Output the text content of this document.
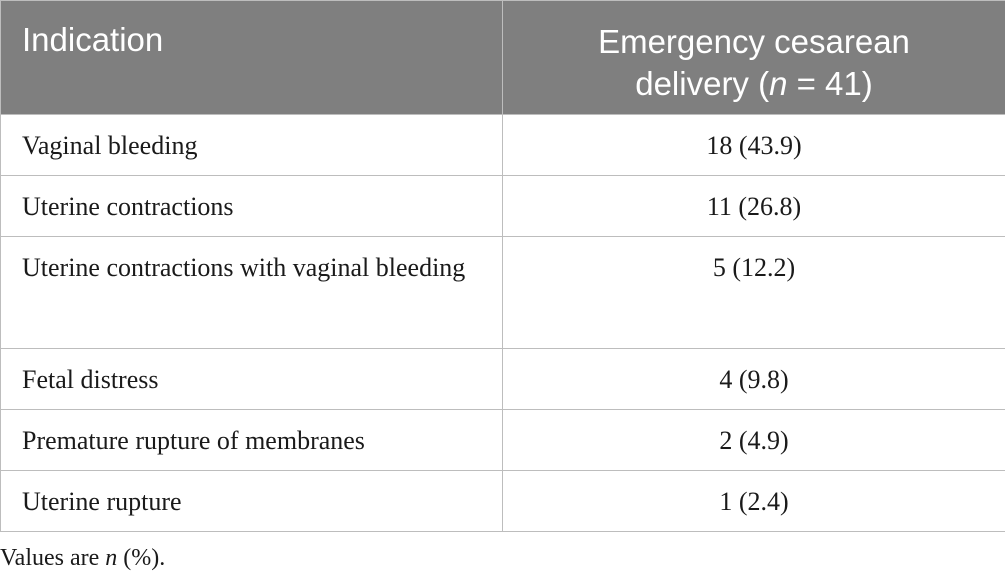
Indication	Emergency cesarean
delivery (n = 41)

Vaginal bleeding	18 (43.9)
Uterine contractions	11 (26.8)
Uterine contractions with vaginal bleeding	5 (12.2)
Fetal distress	4 (9.8)
Premature rupture of membranes	2 (4.9)
Uterine rupture	1 (2.4)
Values are n (%).
